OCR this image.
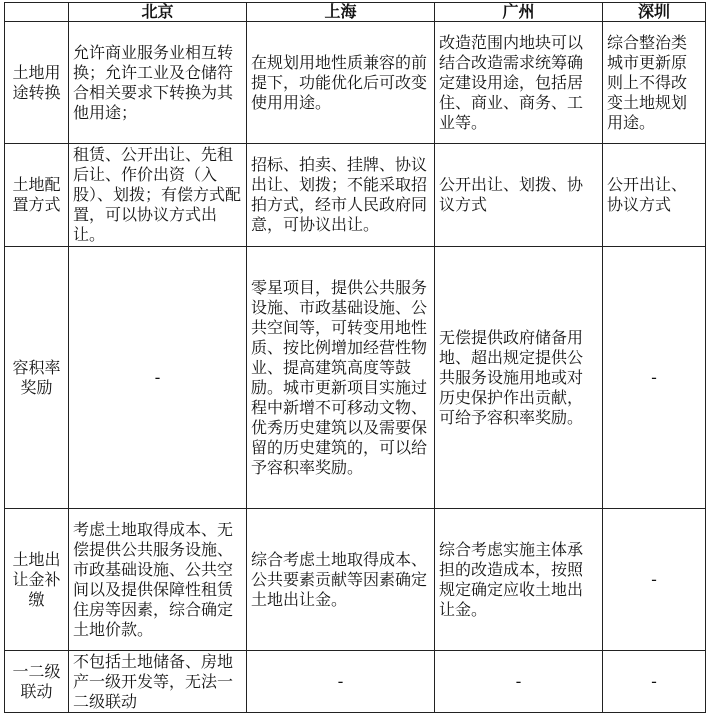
	北京	上海	广州	深圳
土地用途转换	允许商业服务业相互转换；允许工业及仓储符合相关要求下转换为其他用途；	在规划用地性质兼容的前提下，功能优化后可改变使用用途。	改造范围内地块可以结合改造需求统筹确定建设用途，包括居住、商业、商务、工业等。	综合整治类城市更新原则上不得改变土地规划用途。
土地配置方式	租赁、公开出让、先租后让、作价出资（入股）、划拨；有偿方式配置，可以协议方式出让。	招标、拍卖、挂牌、协议出让、划拨；不能采取招拍方式，经市人民政府同意，可协议出让。	公开出让、划拨、协议方式	公开出让、协议方式
容积率奖励	-	零星项目，提供公共服务设施、市政基础设施、公共空间等，可转变用地性质、按比例增加经营性物业、提高建筑高度等鼓励。城市更新项目实施过程中新增不可移动文物、优秀历史建筑以及需要保留的历史建筑的，可以给予容积率奖励。	无偿提供政府储备用地、超出规定提供公共服务设施用地或对历史保护作出贡献，可给予容积率奖励。	-
土地出让金补缴	考虑土地取得成本、无偿提供公共服务设施、市政基础设施、公共空间以及提供保障性租赁住房等因素，综合确定土地价款。	综合考虑土地取得成本、公共要素贡献等因素确定土地出让金。	综合考虑实施主体承担的改造成本，按照规定确定应收土地出让金。	-
一二级联动	不包括土地储备、房地产一级开发等，无法一二级联动	-	-	-
